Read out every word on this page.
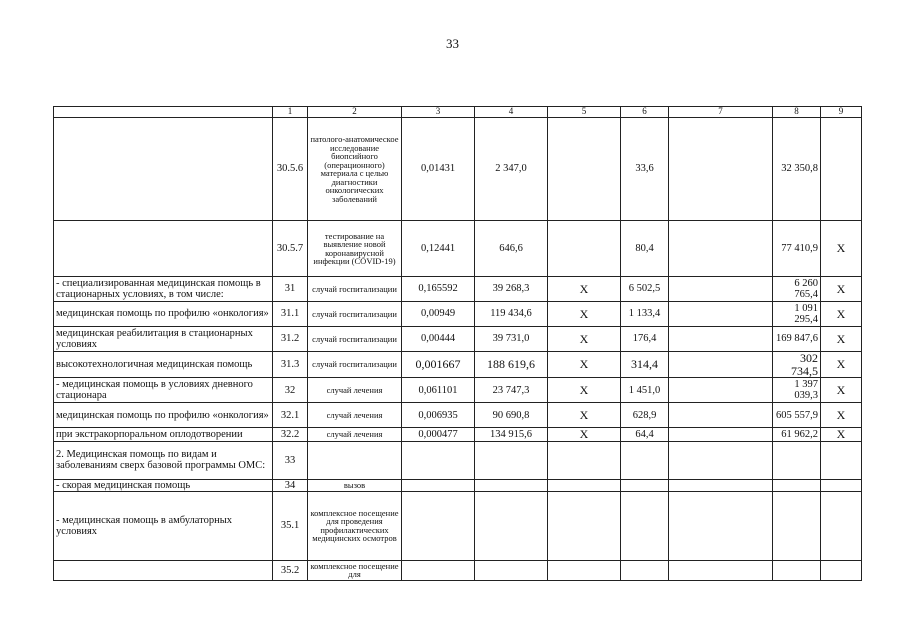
33
	1	2	3	4	5	6	7	8	9
	30.5.6	патолого-анатомическое исследование биопсийного (операционного) материала с целью диагностики онкологических заболеваний	0,01431	2 347,0		33,6		32 350,8	
	30.5.7	тестирование на выявление новой коронавирусной инфекции (COVID-19)	0,12441	646,6		80,4		77 410,9	X
- специализированная медицинская помощь в стационарных условиях, в том числе:	31	случай госпитализации	0,165592	39 268,3	X	6 502,5		6 260 765,4	X
медицинская помощь по профилю «онкология»	31.1	случай госпитализации	0,00949	119 434,6	X	1 133,4		1 091 295,4	X
медицинская реабилитация в стационарных условиях	31.2	случай госпитализации	0,00444	39 731,0	X	176,4		169 847,6	X
высокотехнологичная медицинская помощь	31.3	случай госпитализации	0,001667	188 619,6	X	314,4		302 734,5	X
- медицинская помощь в условиях дневного стационара	32	случай лечения	0,061101	23 747,3	X	1 451,0		1 397 039,3	X
медицинская помощь по профилю «онкология»	32.1	случай лечения	0,006935	90 690,8	X	628,9		605 557,9	X
при экстракорпоральном оплодотворении	32.2	случай лечения	0,000477	134 915,6	X	64,4		61 962,2	X
2. Медицинская помощь по видам и заболеваниям сверх базовой программы ОМС:	33								
- скорая медицинская помощь	34	вызов							
- медицинская помощь в амбулаторных условиях	35.1	комплексное посещение для проведения профилактических медицинских осмотров							
	35.2	комплексное посещение для							
